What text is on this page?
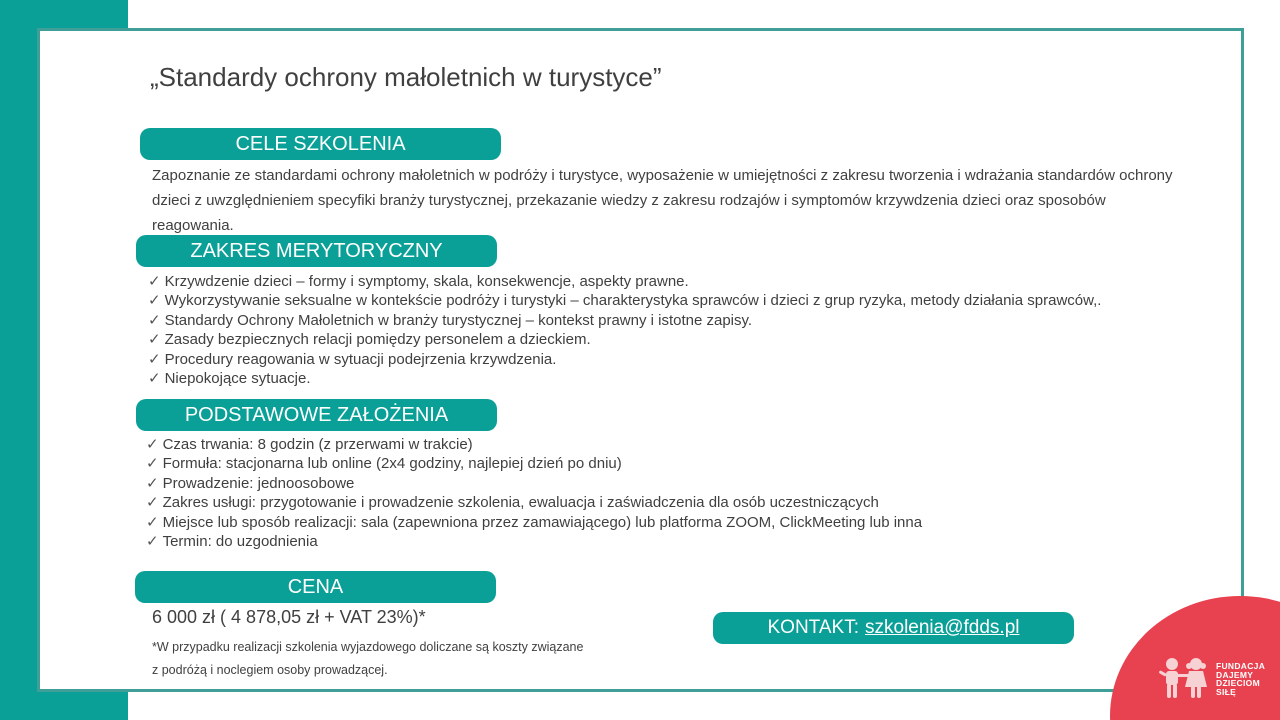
OFERTA
„Standardy ochrony małoletnich w turystyce”
CELE SZKOLENIA

Zapoznanie ze standardami ochrony małoletnich w podróży i turystyce, wyposażenie w umiejętności z zakresu tworzenia i wdrażania standardów ochrony dzieci z uwzględnieniem specyfiki branży turystycznej, przekazanie wiedzy z zakresu rodzajów i symptomów krzywdzenia dzieci oraz sposobów reagowania.

ZAKRES MERYTORYCZNY
✓ Krzywdzenie dzieci – formy i symptomy, skala, konsekwencje, aspekty prawne.
✓ Wykorzystywanie seksualne w kontekście podróży i turystyki – charakterystyka sprawców i dzieci z grup ryzyka, metody działania sprawców,.
✓ Standardy Ochrony Małoletnich w branży turystycznej – kontekst prawny i istotne zapisy.
✓ Zasady bezpiecznych relacji pomiędzy personelem a dzieckiem.
✓ Procedury reagowania w sytuacji podejrzenia krzywdzenia.
✓ Niepokojące sytuacje.
PODSTAWOWE ZAŁOŻENIA
✓ Czas trwania: 8 godzin (z przerwami w trakcie)
✓ Formuła: stacjonarna lub online (2x4 godziny, najlepiej dzień po dniu)
✓ Prowadzenie: jednoosobowe
✓ Zakres usługi: przygotowanie i prowadzenie szkolenia, ewaluacja i zaświadczenia dla osób uczestniczących
✓ Miejsce lub sposób realizacji: sala (zapewniona przez zamawiającego) lub platforma ZOOM, ClickMeeting lub inna
✓ Termin: do uzgodnienia
CENA
6 000 zł ( 4 878,05 zł + VAT 23%)*
*W przypadku realizacji szkolenia wyjazdowego doliczane są koszty związane
z podróżą i noclegiem osoby prowadzącej.
KONTAKT: szkolenia@fdds.pl
FUNDACJA
DAJEMY
DZIECIOM
SIŁĘ
